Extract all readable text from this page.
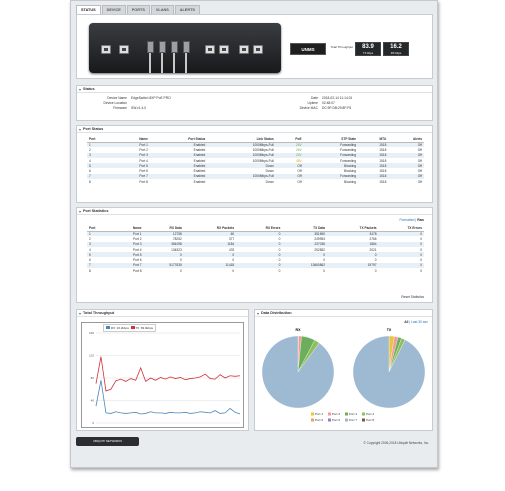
STATUS	DEVICE	PORTS	VLANS	ALERTS
UNMS	Total Throughput	83.9
TX kbps
16.2
RX kbps
Status
Device Name EdgeSwitch 8XP PoE PRO
Device Location
Firmware SW.v1.4.0
Date 2018-02-14 11:14:01
Uptime 02:48:07
Device MAC DC:9F:DB:29:8F:F5
Port Status
Port	Name	Port Status	Link Status	PoE	STP State	MTU	Alerts
1	Port 1	Enabled	1000Mbps-Full	24V	Forwarding	1518	Off
2	Port 2	Enabled	1000Mbps-Full	24V	Forwarding	1518	Off
3	Port 3	Enabled	1000Mbps-Full	24V	Forwarding	1518	Off
4	Port 4	Enabled	1000Mbps-Full	48V	Forwarding	1518	Off
5	Port 5	Enabled	Down	Off	Blocking	1518	Off
6	Port 6	Enabled	Down	Off	Blocking	1518	Off
7	Port 7	Enabled	1000Mbps-Full	Off	Forwarding	1518	Off
8	Port 8	Enabled	Down	Off	Blocking	1518	Off
Port Statistics
Formatted | Raw
Port	Name	RX Data	RX Packets	RX Errors	TX Data	TX Packets	TX Errors
1	Port 1	12758	60	0	351690	3478	0
2	Port 2	78252	377	0	249953	2766	0
3	Port 3	354098	1184	0	237036	1864	0
4	Port 4	134523	478	0	252852	2021	0
5	Port 5	0	0	0	0	0	0
6	Port 6	0	0	0	0	0	0
7	Port 7	5177835	11418	0	13660862	19797	0
8	Port 8	0	0	0	0	0	0
Reset Statistics
Total Throughput
0
40
80
120
160
RX: 16.2kbps TX: 83.9kbps
Data Distribution
All | Last 30 sec
RX	TX
Port 1	Port 2	Port 3	Port 4
Port 5	Port 6	Port 7	Port 8
UBIQUITI NETWORKS	© Copyright 2006-2018 Ubiquiti Networks, Inc.
